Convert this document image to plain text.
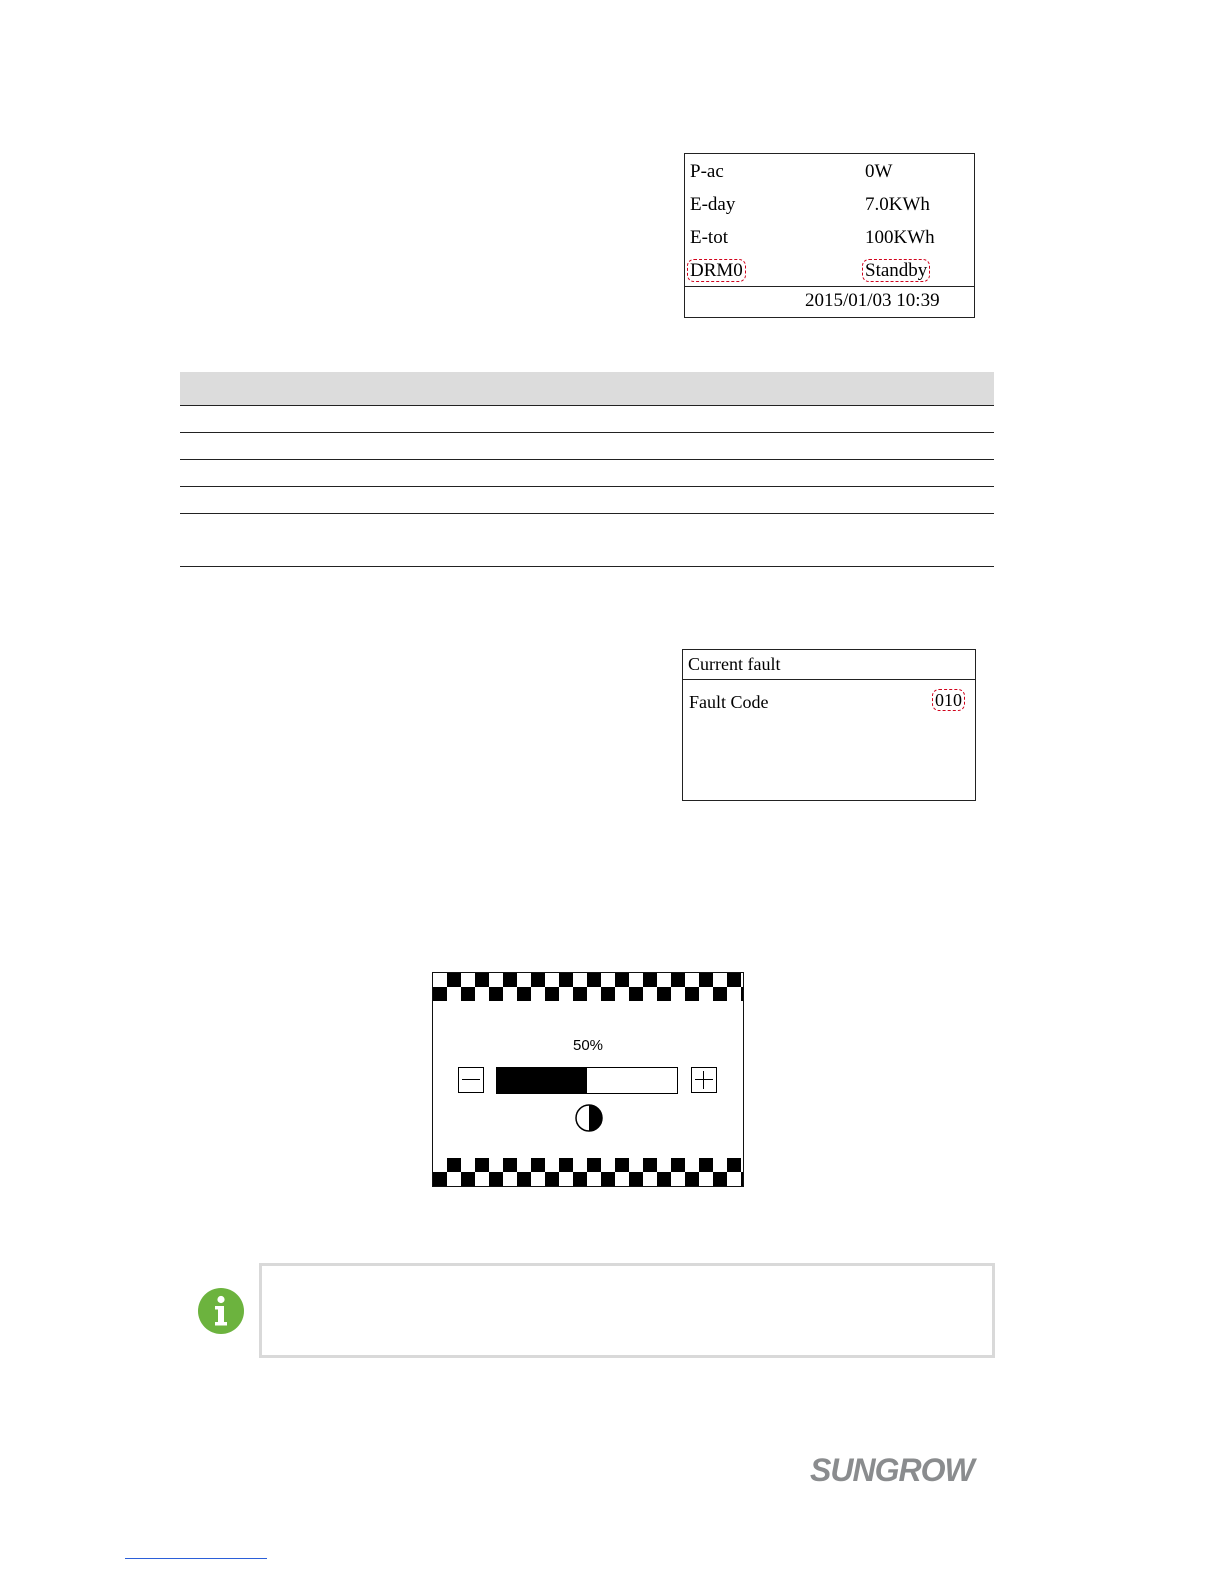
P-ac	0W
E-day	7.0KWh
E-tot	100KWh
DRM0	Standby
2015/01/03 10:39
Current fault
Fault Code	010
50%
SUNGROW
